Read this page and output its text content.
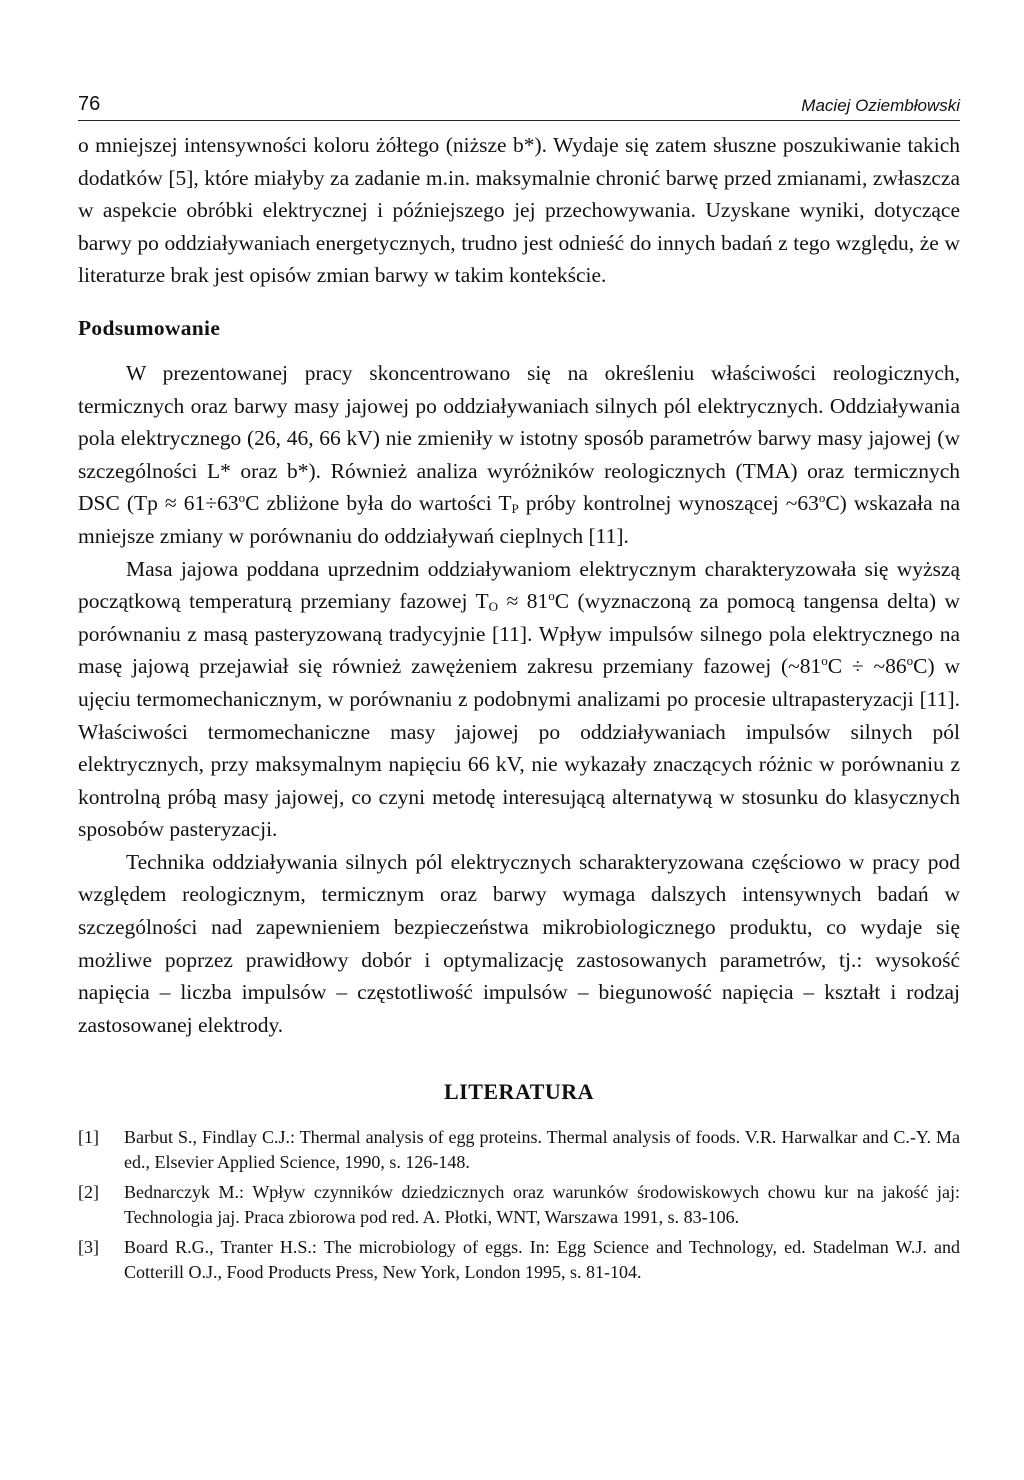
76	Maciej Oziembłowski

o mniejszej intensywności koloru żółtego (niższe b*). Wydaje się zatem słuszne poszukiwanie takich dodatków [5], które miałyby za zadanie m.in. maksymalnie chronić barwę przed zmianami, zwłaszcza w aspekcie obróbki elektrycznej i późniejszego jej przechowywania. Uzyskane wyniki, dotyczące barwy po oddziaływaniach energetycznych, trudno jest odnieść do innych badań z tego względu, że w literaturze brak jest opisów zmian barwy w takim kontekście.

Podsumowanie

W prezentowanej pracy skoncentrowano się na określeniu właściwości reologicznych, termicznych oraz barwy masy jajowej po oddziaływaniach silnych pól elektrycznych. Oddziaływania pola elektrycznego (26, 46, 66 kV) nie zmieniły w istotny sposób parametrów barwy masy jajowej (w szczególności L* oraz b*). Również analiza wyróżników reologicznych (TMA) oraz termicznych DSC ($Tp \approx 61\div 63^oC$ zbliżone była do wartości $T_P$ próby kontrolnej wynoszącej ~63$^o$C) wskazała na mniejsze zmiany w porównaniu do oddziaływań cieplnych [11].

Masa jajowa poddana uprzednim oddziaływaniom elektrycznym charakteryzowała się wyższą początkową temperaturą przemiany fazowej $T_O \approx 81^oC$ (wyznaczoną za pomocą tangensa delta) w porównaniu z masą pasteryzowaną tradycyjnie [11]. Wpływ impulsów silnego pola elektrycznego na masę jajową przejawiał się również zawężeniem zakresu przemiany fazowej ($\sim 81^oC$ ÷ $\sim 86^oC$) w ujęciu termomechanicznym, w porównaniu z podobnymi analizami po procesie ultrapasteryzacji [11]. Właściwości termomechaniczne masy jajowej po oddziaływaniach impulsów silnych pól elektrycznych, przy maksymalnym napięciu 66 kV, nie wykazały znaczących różnic w porównaniu z kontrolną próbą masy jajowej, co czyni metodę interesującą alternatywą w stosunku do klasycznych sposobów pasteryzacji.

Technika oddziaływania silnych pól elektrycznych scharakteryzowana częściowo w pracy pod względem reologicznym, termicznym oraz barwy wymaga dalszych intensywnych badań w szczególności nad zapewnieniem bezpieczeństwa mikrobiologicznego produktu, co wydaje się możliwe poprzez prawidłowy dobór i optymalizację zastosowanych parametrów, tj.: wysokość napięcia – liczba impulsów – częstotliwość impulsów – biegunowość napięcia – kształt i rodzaj zastosowanej elektrody.

LITERATURA
[1]	Barbut S., Findlay C.J.: Thermal analysis of egg proteins. Thermal analysis of foods. V.R. Harwalkar and C.-Y. Ma ed., Elsevier Applied Science, 1990, s. 126-148.
[2]	Bednarczyk M.: Wpływ czynników dziedzicznych oraz warunków środowiskowych chowu kur na jakość jaj: Technologia jaj. Praca zbiorowa pod red. A. Płotki, WNT, Warszawa 1991, s. 83-106.
[3]	Board R.G., Tranter H.S.: The microbiology of eggs. In: Egg Science and Technology, ed. Stadelman W.J. and Cotterill O.J., Food Products Press, New York, London 1995, s. 81-104.
